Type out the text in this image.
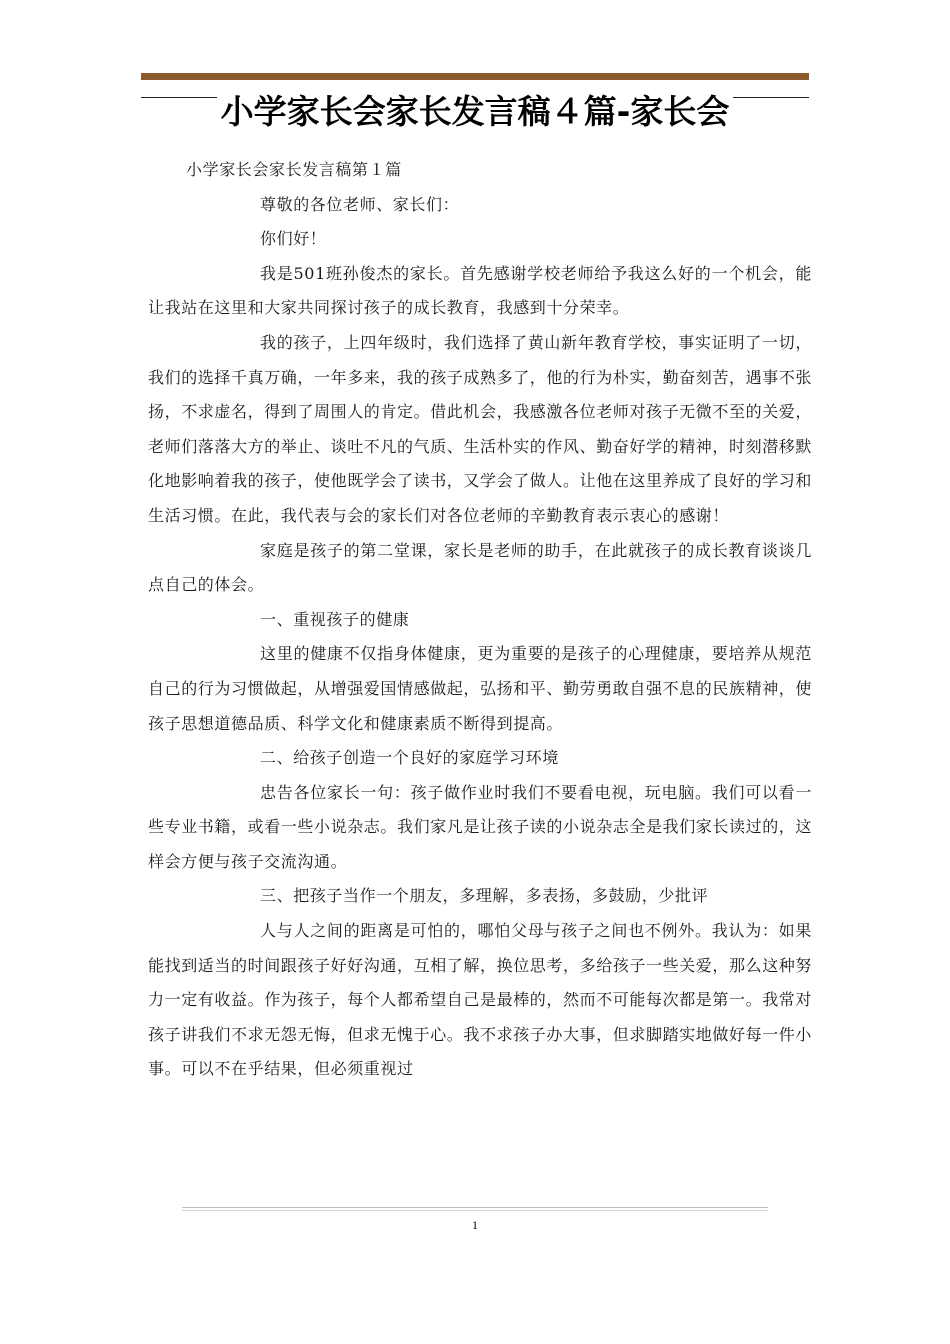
小学家长会家长发言稿４篇-家长会

小学家长会家长发言稿第１篇

尊敬的各位老师、家长们：

你们好！

我是501班孙俊杰的家长。首先感谢学校老师给予我这么好的一个机会，能让我站在这里和大家共同探讨孩子的成长教育，我感到十分荣幸。

我的孩子，上四年级时，我们选择了黄山新年教育学校，事实证明了一切，我们的选择千真万确，一年多来，我的孩子成熟多了，他的行为朴实，勤奋刻苦，遇事不张扬，不求虚名，得到了周围人的肯定。借此机会，我感激各位老师对孩子无微不至的关爱，老师们落落大方的举止、谈吐不凡的气质、生活朴实的作风、勤奋好学的精神，时刻潜移默化地影响着我的孩子，使他既学会了读书，又学会了做人。让他在这里养成了良好的学习和生活习惯。在此，我代表与会的家长们对各位老师的辛勤教育表示衷心的感谢！

家庭是孩子的第二堂课，家长是老师的助手，在此就孩子的成长教育谈谈几点自己的体会。

一、重视孩子的健康

这里的健康不仅指身体健康，更为重要的是孩子的心理健康，要培养从规范自己的行为习惯做起，从增强爱国情感做起，弘扬和平、勤劳勇敢自强不息的民族精神，使孩子思想道德品质、科学文化和健康素质不断得到提高。

二、给孩子创造一个良好的家庭学习环境

忠告各位家长一句：孩子做作业时我们不要看电视，玩电脑。我们可以看一些专业书籍，或看一些小说杂志。我们家凡是让孩子读的小说杂志全是我们家长读过的，这样会方便与孩子交流沟通。

三、把孩子当作一个朋友，多理解，多表扬，多鼓励，少批评

人与人之间的距离是可怕的，哪怕父母与孩子之间也不例外。我认为：如果能找到适当的时间跟孩子好好沟通，互相了解，换位思考，多给孩子一些关爱，那么这种努力一定有收益。作为孩子，每个人都希望自己是最棒的，然而不可能每次都是第一。我常对孩子讲我们不求无怨无悔，但求无愧于心。我不求孩子办大事，但求脚踏实地做好每一件小事。可以不在乎结果，但必须重视过

1
